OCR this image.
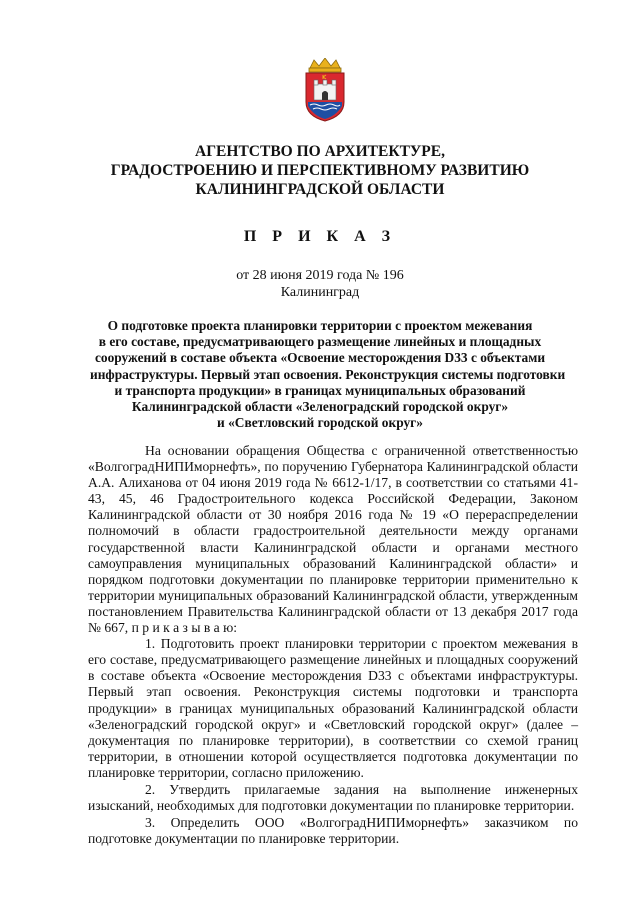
АГЕНТСТВО ПО АРХИТЕКТУРЕ,
ГРАДОСТРОЕНИЮ И ПЕРСПЕКТИВНОМУ РАЗВИТИЮ
КАЛИНИНГРАДСКОЙ ОБЛАСТИ
П Р И К А З
от 28 июня 2019 года № 196
Калининград
О подготовке проекта планировки территории с проектом межевания
в его составе, предусматривающего размещение линейных и площадных
сооружений в составе объекта «Освоение месторождения D33 с объектами
инфраструктуры. Первый этап освоения. Реконструкция системы подготовки
и транспорта продукции» в границах муниципальных образований
Калининградской области «Зеленоградский городской округ»
и «Светловский городской округ»

На основании обращения Общества с ограниченной ответственностью «ВолгоградНИПИморнефть», по поручению Губернатора Калининградской области А.А. Алиханова от 04 июня 2019 года № 6612-1/17, в соответствии со статьями 41-43, 45, 46 Градостроительного кодекса Российской Федерации, Законом Калининградской области от 30 ноября 2016 года № 19 «О перераспределении полномочий в области градостроительной деятельности между органами государственной власти Калининградской области и органами местного самоуправления муниципальных образований Калининградской области» и порядком подготовки документации по планировке территории применительно к территории муниципальных образований Калининградской области, утвержденным постановлением Правительства Калининградской области от 13 декабря 2017 года № 667, п р и к а з ы в а ю:

1. Подготовить проект планировки территории с проектом межевания в его составе, предусматривающего размещение линейных и площадных сооружений в составе объекта «Освоение месторождения D33 с объектами инфраструктуры. Первый этап освоения. Реконструкция системы подготовки и транспорта продукции» в границах муниципальных образований Калининградской области «Зеленоградский городской округ» и «Светловский городской округ» (далее – документация по планировке территории), в соответствии со схемой границ территории, в отношении которой осуществляется подготовка документации по планировке территории, согласно приложению.

2. Утвердить прилагаемые задания на выполнение инженерных изысканий, необходимых для подготовки документации по планировке территории.

3. Определить ООО «ВолгоградНИПИморнефть» заказчиком по подготовке документации по планировке территории.
